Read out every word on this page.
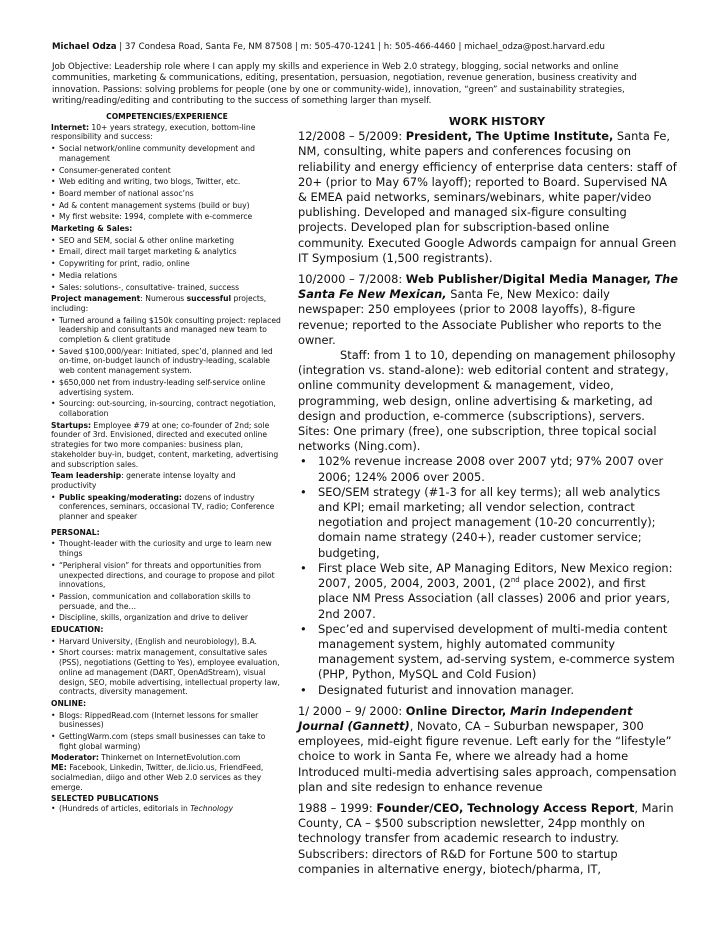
Michael Odza | 37 Condesa Road, Santa Fe, NM 87508 | m: 505-470-1241 | h: 505-466-4460 | michael_odza@post.harvard.edu
Job Objective: Leadership role where I can apply my skills and experience in Web 2.0 strategy, blogging, social networks and online communities, marketing & communications, editing, presentation, persuasion, negotiation, revenue generation, business creativity and innovation. Passions: solving problems for people (one by one or community-wide), innovation, “green” and sustainability strategies, writing/reading/editing and contributing to the success of something larger than myself.
COMPETENCIES/EXPERIENCE

Internet: 10+ years strategy, execution, bottom-line responsibility and success:

• Social network/online community development and management
• Consumer-generated content
• Web editing and writing, two blogs, Twitter, etc.
• Board member of national assoc’ns
• Ad & content management systems (build or buy)
• My first website: 1994, complete with e-commerce

Marketing & Sales:

• SEO and SEM, social & other online marketing
• Email, direct mail target marketing & analytics
• Copywriting for print, radio, online
• Media relations
• Sales: solutions-, consultative- trained, success

Project management: Numerous successful projects, including:

• Turned around a failing $150k consulting project: replaced leadership and consultants and managed new team to completion & client gratitude
• Saved $100,000/year: Initiated, spec’d, planned and led on-time, on-budget launch of industry-leading, scalable web content management system.
• $650,000 net from industry-leading self-service online advertising system.
• Sourcing: out-sourcing, in-sourcing, contract negotiation, collaboration

Startups: Employee #79 at one; co-founder of 2nd; sole founder of 3rd. Envisioned, directed and executed online strategies for two more companies: business plan, stakeholder buy-in, budget, content, marketing, advertising and subscription sales.

Team leadership: generate intense loyalty and productivity

• Public speaking/moderating: dozens of industry conferences, seminars, occasional TV, radio; Conference planner and speaker

PERSONAL:

• Thought-leader with the curiosity and urge to learn new things
• “Peripheral vision” for threats and opportunities from unexpected directions, and courage to propose and pilot innovations,
• Passion, communication and collaboration skills to persuade, and the…
• Discipline, skills, organization and drive to deliver

EDUCATION:

• Harvard University, (English and neurobiology), B.A.
• Short courses: matrix management, consultative sales (PSS), negotiations (Getting to Yes), employee evaluation, online ad management (DART, OpenAdStream), visual design, SEO, mobile advertising, intellectual property law, contracts, diversity management.

ONLINE:

• Blogs: RippedRead.com (Internet lessons for smaller businesses)
• GettingWarm.com (steps small businesses can take to fight global warming)

Moderator: Thinkernet on InternetEvolution.com

ME: Facebook, Linkedin, Twitter, de.licio.us, FriendFeed, socialmedian, diigo and other Web 2.0 services as they emerge.

SELECTED PUBLICATIONS

• (Hundreds of articles, editorials in Technology
WORK HISTORY

12/2008 – 5/2009: President, The Uptime Institute, Santa Fe, NM, consulting, white papers and conferences focusing on reliability and energy efficiency of enterprise data centers: staff of 20+ (prior to May 67% layoff); reported to Board. Supervised NA & EMEA paid networks, seminars/webinars, white paper/video publishing. Developed and managed six-figure consulting projects. Developed plan for subscription-based online community. Executed Google Adwords campaign for annual Green IT Symposium (1,500 registrants).

10/2000 – 7/2008: Web Publisher/Digital Media Manager, The Santa Fe New Mexican, Santa Fe, New Mexico: daily newspaper: 250 employees (prior to 2008 layoffs), 8-figure revenue; reported to the Associate Publisher who reports to the owner.

Staff: from 1 to 10, depending on management philosophy (integration vs. stand-alone): web editorial content and strategy, online community development & management, video, programming, web design, online advertising & marketing, ad design and production, e-commerce (subscriptions), servers. Sites: One primary (free), one subscription, three topical social networks (Ning.com).

• 102% revenue increase 2008 over 2007 ytd; 97% 2007 over 2006; 124% 2006 over 2005.
• SEO/SEM strategy (#1-3 for all key terms); all web analytics and KPI; email marketing; all vendor selection, contract negotiation and project management (10-20 concurrently); domain name strategy (240+), reader customer service; budgeting,
• First place Web site, AP Managing Editors, New Mexico region: 2007, 2005, 2004, 2003, 2001, (2nd place 2002), and first place NM Press Association (all classes) 2006 and prior years, 2nd 2007.
• Spec’ed and supervised development of multi-media content management system, highly automated community management system, ad-serving system, e-commerce system (PHP, Python, MySQL and Cold Fusion)
• Designated futurist and innovation manager.

1/ 2000 – 9/ 2000: Online Director, Marin Independent Journal (Gannett), Novato, CA – Suburban newspaper, 300 employees, mid-eight figure revenue. Left early for the “lifestyle” choice to work in Santa Fe, where we already had a home

Introduced multi-media advertising sales approach, compensation plan and site redesign to enhance revenue

1988 – 1999: Founder/CEO, Technology Access Report, Marin County, CA – $500 subscription newsletter, 24pp monthly on technology transfer from academic research to industry. Subscribers: directors of R&D for Fortune 500 to startup companies in alternative energy, biotech/pharma, IT,
